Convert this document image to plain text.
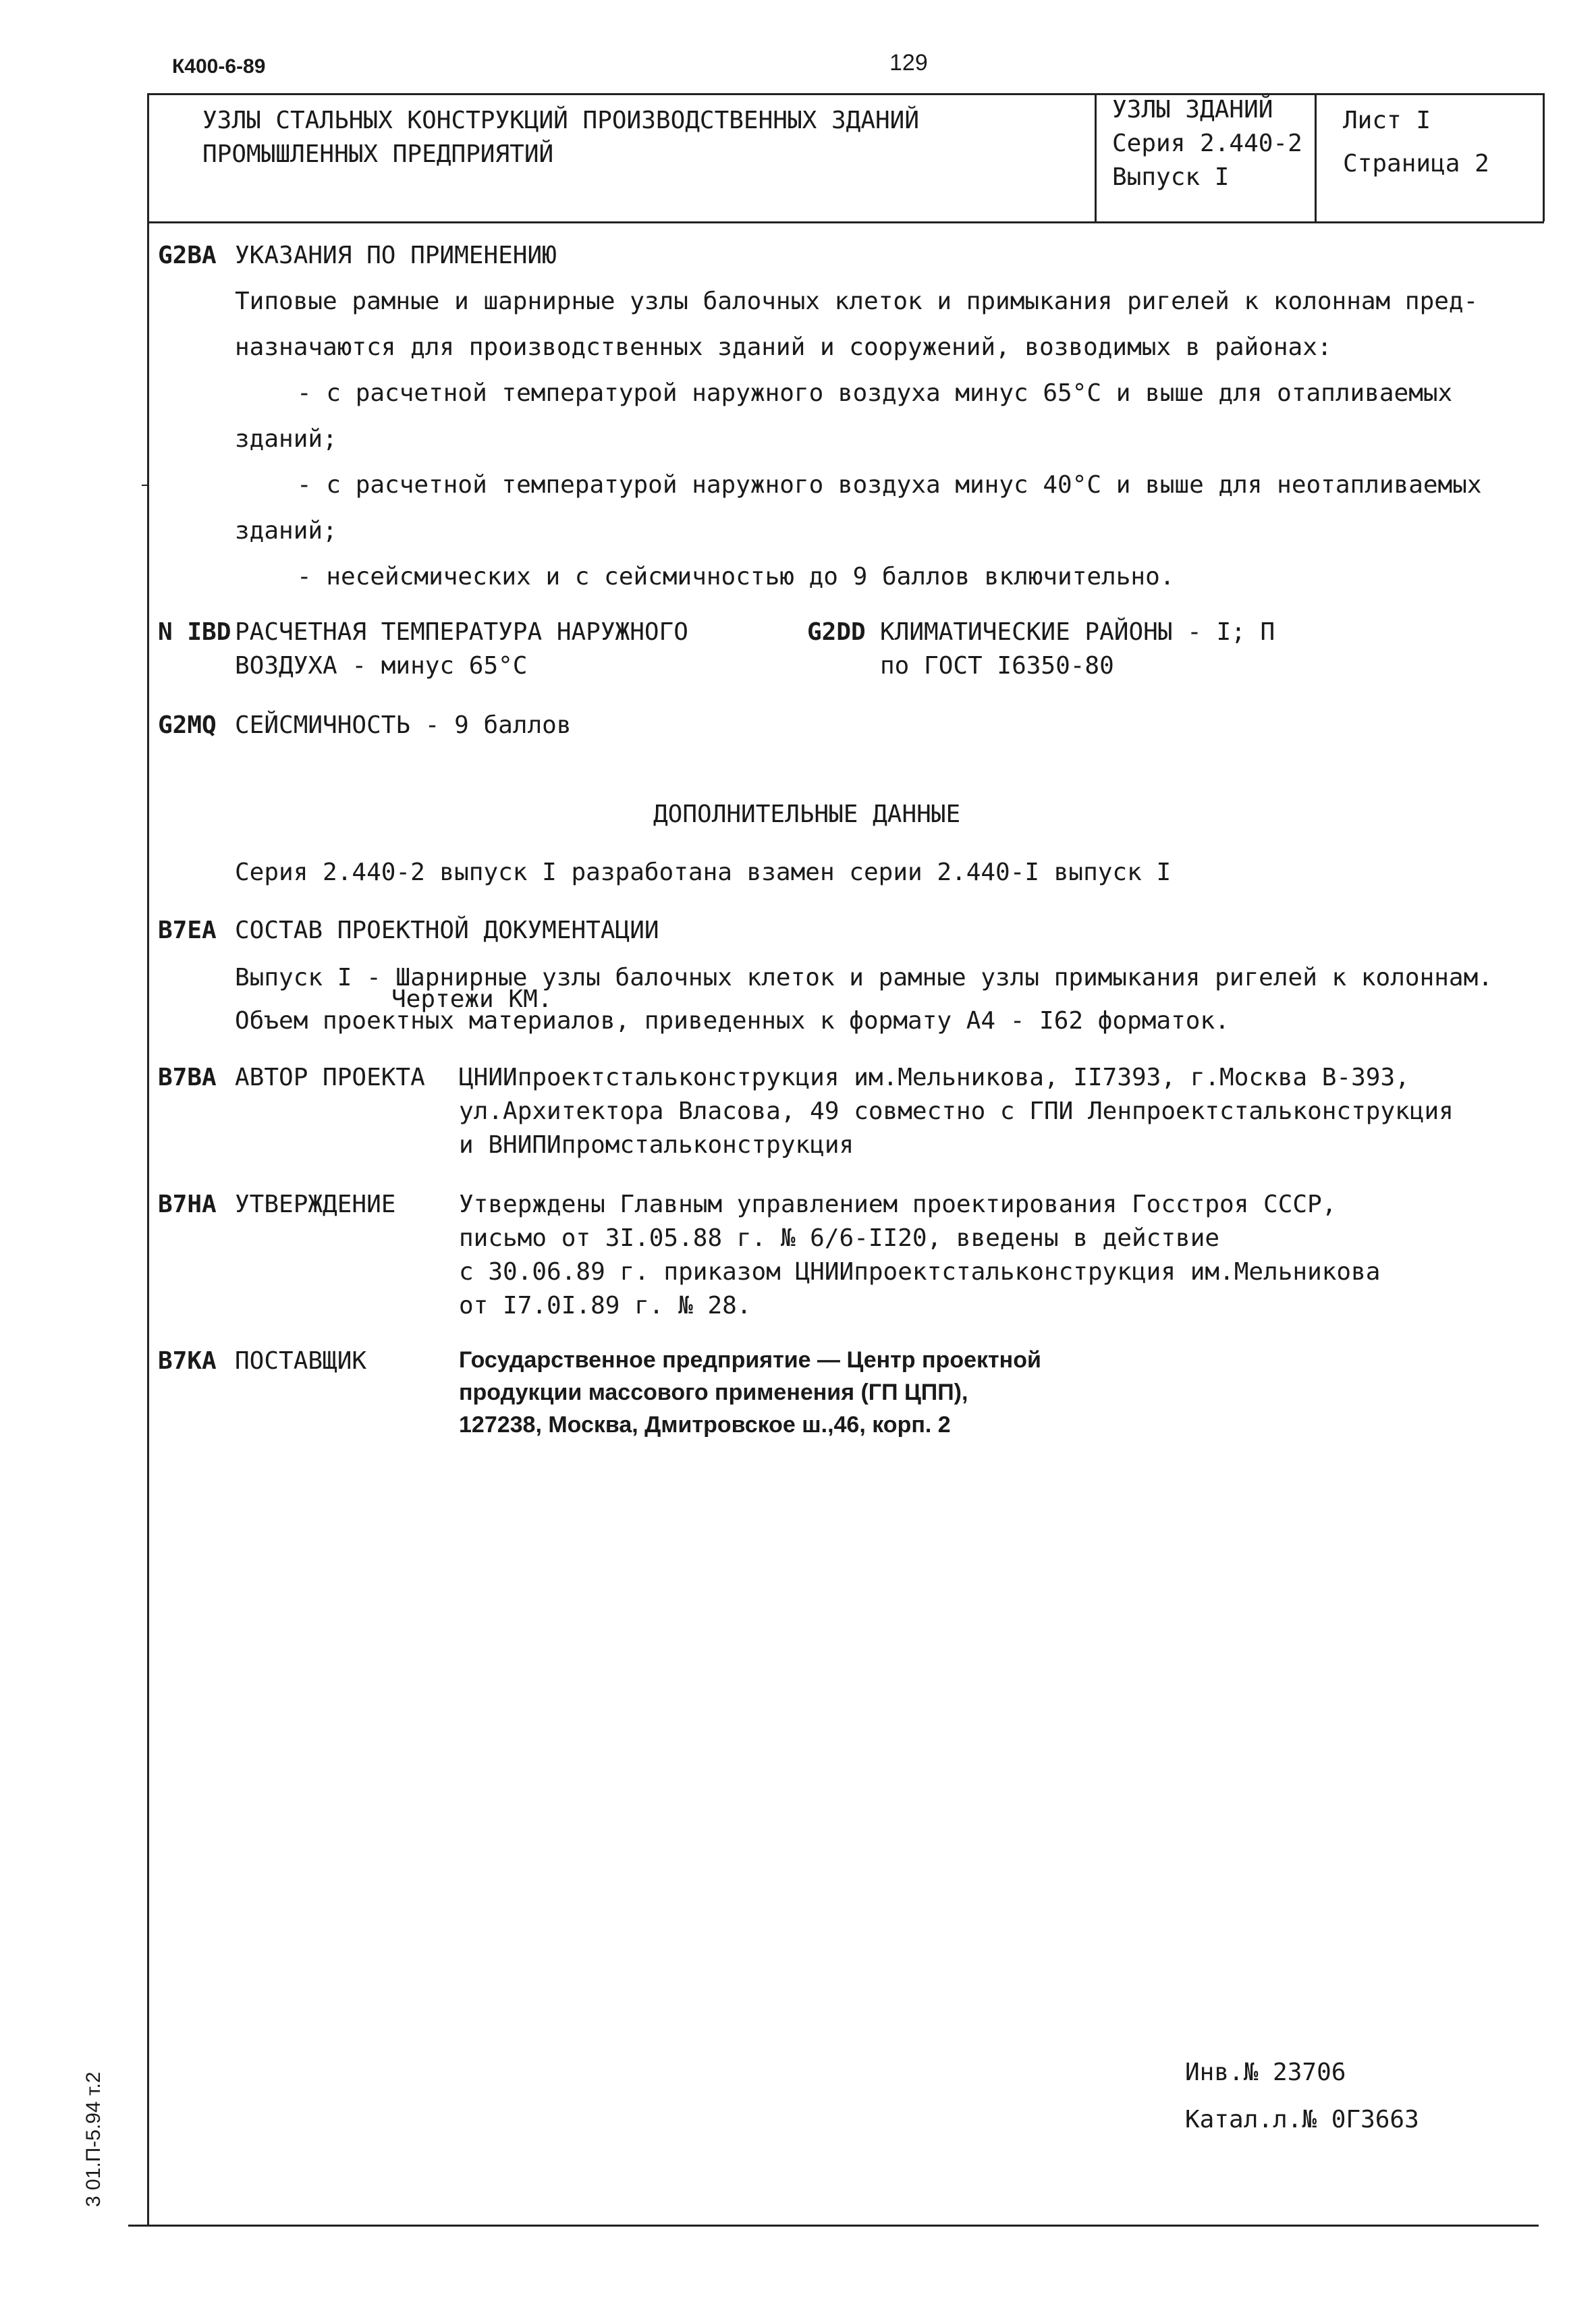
К400-6-89	129
УЗЛЫ СТАЛЬНЫХ КОНСТРУКЦИЙ ПРОИЗВОДСТВЕННЫХ ЗДАНИЙ
ПРОМЫШЛЕННЫХ ПРЕДПРИЯТИЙ
УЗЛЫ ЗДАНИЙ
Серия 2.440-2
Выпуск I
Лист I
Страница 2
G2BA УКАЗАНИЯ ПО ПРИМЕНЕНИЮ
Типовые рамные и шарнирные узлы балочных клеток и примыкания ригелей к колоннам пред-
назначаются для производственных зданий и сооружений, возводимых в районах:
- с расчетной температурой наружного воздуха минус 65°С и выше для отапливаемых
зданий;
- с расчетной температурой наружного воздуха минус 40°С и выше для неотапливаемых
зданий;
- несейсмических и с сейсмичностью до 9 баллов включительно.
N IBD РАСЧЕТНАЯ ТЕМПЕРАТУРА НАРУЖНОГО
ВОЗДУХА - минус 65°С
G2DD КЛИМАТИЧЕСКИЕ РАЙОНЫ - I; П
по ГОСТ I6350-80
G2MQ СЕЙСМИЧНОСТЬ - 9 баллов
ДОПОЛНИТЕЛЬНЫЕ ДАННЫЕ
Серия 2.440-2 выпуск I разработана взамен серии 2.440-I выпуск I
B7EA СОСТАВ ПРОЕКТНОЙ ДОКУМЕНТАЦИИ
Выпуск I - Шарнирные узлы балочных клеток и рамные узлы примыкания ригелей к колоннам.
Чертежи КМ.
Объем проектных материалов, приведенных к формату А4 - I62 форматок.
B7BA АВТОР ПРОЕКТА ЦНИИпроектстальконструкция им.Мельникова, II7393, г.Москва В-393,
ул.Архитектора Власова, 49 совместно с ГПИ Ленпроектстальконструкция
и ВНИПИпромстальконструкция
B7HA УТВЕРЖДЕНИЕ	Утверждены Главным управлением проектирования Госстроя СССР,
письмо от 3I.05.88 г. № 6/6-II20, введены в действие
с 30.06.89 г. приказом ЦНИИпроектстальконструкция им.Мельникова
от I7.0I.89 г. № 28.
B7KA ПОСТАВЩИК	Государственное предприятие — Центр проектной
продукции массового применения (ГП ЦПП),
127238, Москва, Дмитровское ш.,46, корп. 2
Инв.№ 23706
Катал.л.№ 0Г3663
3 01.П-5.94 т.2
